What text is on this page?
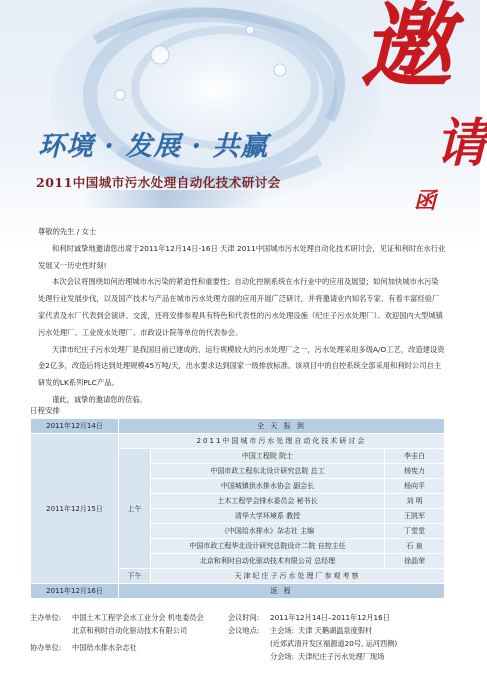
环境 · 发展 · 共赢
2011中国城市污水处理自动化技术研讨会
邀
请
函

尊敬的先生 / 女士

和利时诚挚地邀请您出席于2011年12月14日-16日 天津 2011中国城市污水处理自动化技术研讨会，见证和利时在水行业发展又一历史性时刻!

本次会议将围绕如何治理城市水污染的紧迫性和重要性；自动化控制系统在水行业中的应用及展望；如何加快城市水污染处理行业发展步伐，以及国产技术与产品在城市污水处理方面的应用开展广泛研讨，并将邀请业内知名专家、有着丰富经验厂家代表及水厂代表到会演讲、交流，还将安排参观具有特色和代表性的污水处理设施（纪庄子污水处理厂）。欢迎国内大型城镇污水处理厂、工业废水处理厂、市政设计院等单位的代表参会。

天津市纪庄子污水处理厂是我国目前已建成的、运行规模较大的污水处理厂之一，污水处理采用多级A/O工艺，改造建设资金2亿多，改造后将达到处理规模45万吨/天，出水要求达到国家一级排放标准。该项目中的自控系统全部采用和利时公司自主研发的LK系列PLC产品。

谨此，诚挚的邀请您的莅临。

日程安排
2011年12月14日	全 天 报 到		
2011年12月15日	2011中国城市污水处理自动化技术研讨会		
	上午	中国工程院 院士	李圭白
		中国市政工程东北设计研究总院 总工	杨宪力
		中国城镇供水排水协会 副会长	杨向平
		土木工程学会排水委员会 秘书长	刘 明
		清华大学环境系 教授	王凯军
		《中国给水排水》杂志社 主编	丁堂堂
		中国市政工程华北设计研究总院设计二院 自控主任	石 泉
		北京和利时自动化驱动技术有限公司 总经理	徐晶荣
	下午	天津纪庄子污水处理厂参观考察	
2011年12月16日	返 程		
主办单位: 中国土木工程学会水工业分会 机电委员会
北京和利时自动化驱动技术有限公司
协办单位: 中国给水排水杂志社
会议时间: 2011年12月14日–2011年12月16日
会议地点: 主会场: 天津 天鹅湖温泉度假村
(近郊武清开发区福源道20号, 运河西侧)
分会场: 天津纪庄子污水处理厂现场
